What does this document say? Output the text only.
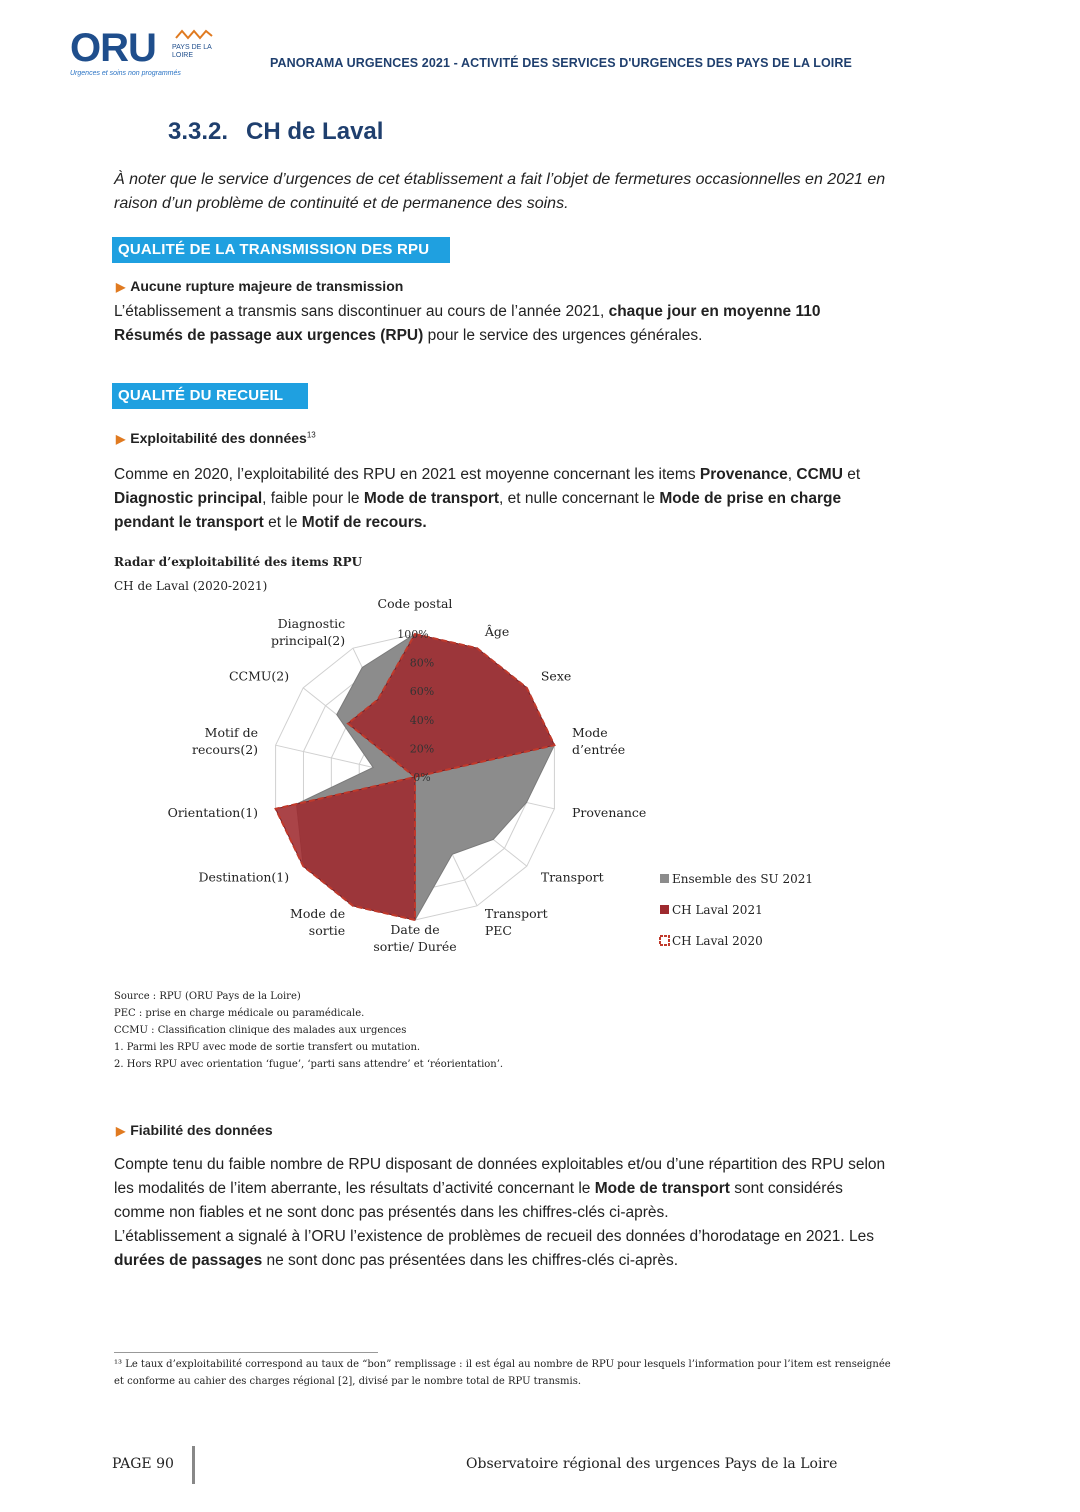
ORU PAYS DE LA LOIRE
Urgences et soins non programmés
PANORAMA URGENCES 2021 - ACTIVITÉ DES SERVICES D'URGENCES DES PAYS DE LA LOIRE
3.3.2. CH de Laval
À noter que le service d’urgences de cet établissement a fait l’objet de fermetures occasionnelles en 2021 en raison d’un problème de continuité et de permanence des soins.
QUALITÉ DE LA TRANSMISSION DES RPU
▶ Aucune rupture majeure de transmission
L’établissement a transmis sans discontinuer au cours de l’année 2021, chaque jour en moyenne 110 Résumés de passage aux urgences (RPU) pour le service des urgences générales.
QUALITÉ DU RECUEIL
▶ Exploitabilité des données$^{13}$
Comme en 2020, l’exploitabilité des RPU en 2021 est moyenne concernant les items Provenance, CCMU et Diagnostic principal, faible pour le Mode de transport, et nulle concernant le Mode de prise en charge pendant le transport et le Motif de recours.
Radar d’exploitabilité des items RPU
CH de Laval (2020-2021)
0%
20%
40%
60%
80%
100%
Code postal
Âge
Sexe
Mode
d’entrée
Provenance
Transport
Transport
PEC
Date de
sortie/ Durée
Mode de
sortie
Destination(1)
Orientation(1)
Motif de
recours(2)
CCMU(2)
Diagnostic
principal(2)
Ensemble des SU 2021
CH Laval 2021
CH Laval 2020
Source : RPU (ORU Pays de la Loire)
PEC : prise en charge médicale ou paramédicale.
CCMU : Classification clinique des malades aux urgences
1. Parmi les RPU avec mode de sortie transfert ou mutation.
2. Hors RPU avec orientation ‘fugue’, ‘parti sans attendre’ et ‘réorientation’.
▶ Fiabilité des données
Compte tenu du faible nombre de RPU disposant de données exploitables et/ou d’une répartition des RPU selon les modalités de l’item aberrante, les résultats d’activité concernant le Mode de transport sont considérés comme non fiables et ne sont donc pas présentés dans les chiffres-clés ci-après.
L’établissement a signalé à l’ORU l’existence de problèmes de recueil des données d’horodatage en 2021. Les durées de passages ne sont donc pas présentées dans les chiffres-clés ci-après.
¹³ Le taux d’exploitabilité correspond au taux de “bon” remplissage : il est égal au nombre de RPU pour lesquels l’information pour l’item est renseignée et conforme au cahier des charges régional [2], divisé par le nombre total de RPU transmis.
PAGE 90	Observatoire régional des urgences Pays de la Loire
